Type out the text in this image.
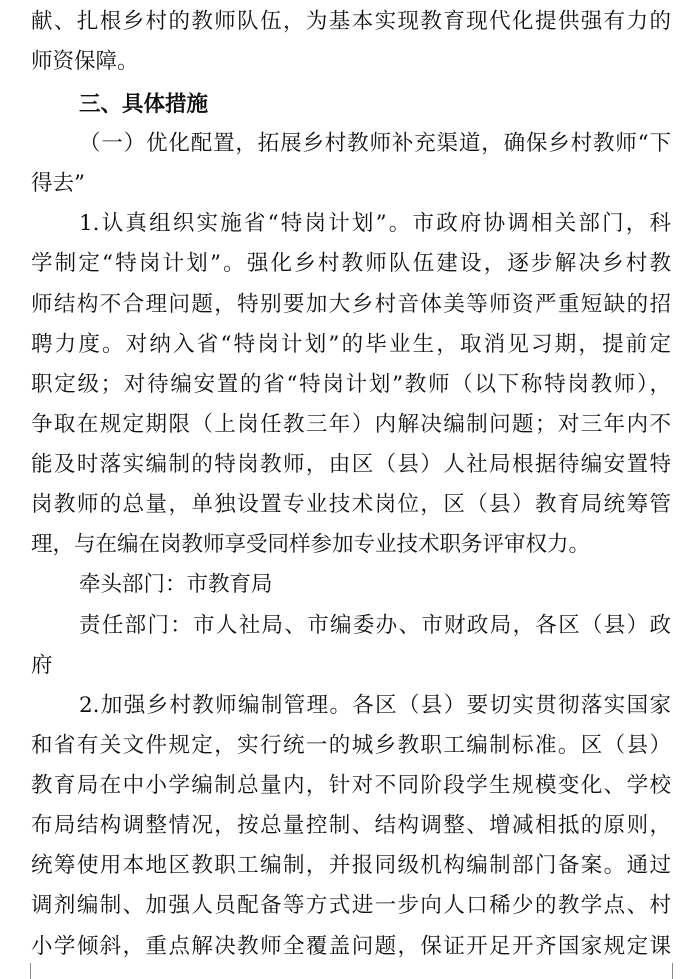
献、扎根乡村的教师队伍，为基本实现教育现代化提供强有力的
师资保障。
三、具体措施
（一）优化配置，拓展乡村教师补充渠道，确保乡村教师“下
得去”
1.认真组织实施省“特岗计划”。市政府协调相关部门，科
学制定“特岗计划”。强化乡村教师队伍建设，逐步解决乡村教
师结构不合理问题，特别要加大乡村音体美等师资严重短缺的招
聘力度。对纳入省“特岗计划”的毕业生，取消见习期，提前定
职定级；对待编安置的省“特岗计划”教师（以下称特岗教师），
争取在规定期限（上岗任教三年）内解决编制问题；对三年内不
能及时落实编制的特岗教师，由区（县）人社局根据待编安置特
岗教师的总量，单独设置专业技术岗位，区（县）教育局统筹管
理，与在编在岗教师享受同样参加专业技术职务评审权力。
牵头部门：市教育局
责任部门：市人社局、市编委办、市财政局，各区（县）政
府
2.加强乡村教师编制管理。各区（县）要切实贯彻落实国家
和省有关文件规定，实行统一的城乡教职工编制标准。区（县）
教育局在中小学编制总量内，针对不同阶段学生规模变化、学校
布局结构调整情况，按总量控制、结构调整、增减相抵的原则，
统筹使用本地区教职工编制，并报同级机构编制部门备案。通过
调剂编制、加强人员配备等方式进一步向人口稀少的教学点、村
小学倾斜，重点解决教师全覆盖问题，保证开足开齐国家规定课
